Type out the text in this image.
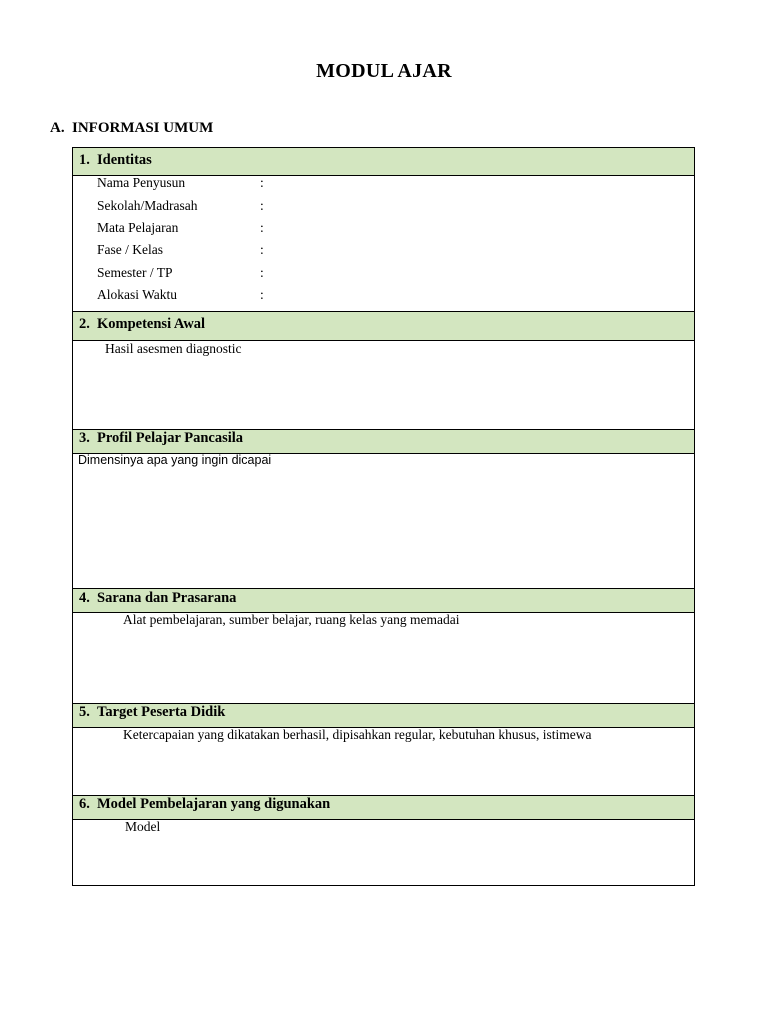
MODUL AJAR
A. INFORMASI UMUM
1. Identitas
Nama Penyusun	:
Sekolah/Madrasah	:
Mata Pelajaran	:
Fase / Kelas	:
Semester / TP	:
Alokasi Waktu	:
2. Kompetensi Awal
Hasil asesmen diagnostic
3. Profil Pelajar Pancasila
Dimensinya apa yang ingin dicapai
4. Sarana dan Prasarana
Alat pembelajaran, sumber belajar, ruang kelas yang memadai
5. Target Peserta Didik
Ketercapaian yang dikatakan berhasil, dipisahkan regular, kebutuhan khusus, istimewa
6. Model Pembelajaran yang digunakan
Model
